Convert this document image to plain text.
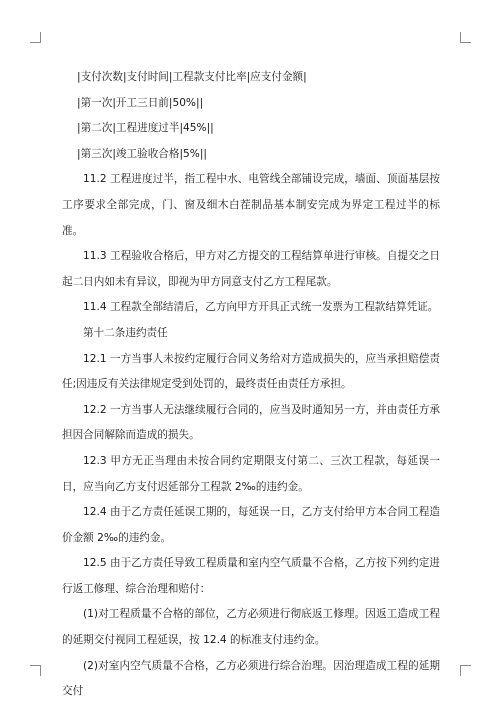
|支付次数|支付时间|工程款支付比率|应支付金额|

|第一次|开工三日前|50%||

|第二次|工程进度过半|45%||

|第三次|竣工验收合格|5%||

11.2 工程进度过半，指工程中水、电管线全部铺设完成，墙面、顶面基层按工序要求全部完成，门、窗及细木白茬制品基本制安完成为界定工程过半的标准。

11.3 工程验收合格后，甲方对乙方提交的工程结算单进行审核。自提交之日起二日内如未有异议，即视为甲方同意支付乙方工程尾款。

11.4 工程款全部结清后，乙方向甲方开具正式统一发票为工程款结算凭证。

第十二条违约责任

12.1 一方当事人未按约定履行合同义务给对方造成损失的，应当承担赔偿责任;因违反有关法律规定受到处罚的，最终责任由责任方承担。

12.2 一方当事人无法继续履行合同的，应当及时通知另一方，并由责任方承担因合同解除而造成的损失。

12.3 甲方无正当理由未按合同约定期限支付第二、三次工程款，每延误一日，应当向乙方支付迟延部分工程款 2‰的违约金。

12.4 由于乙方责任延误工期的，每延误一日，乙方支付给甲方本合同工程造价金额 2‰的违约金。

12.5 由于乙方责任导致工程质量和室内空气质量不合格，乙方按下列约定进行返工修理、综合治理和赔付：

(1)对工程质量不合格的部位，乙方必须进行彻底返工修理。因返工造成工程的延期交付视同工程延误，按 12.4 的标准支付违约金。

(2)对室内空气质量不合格，乙方必须进行综合治理。因治理造成工程的延期交付
